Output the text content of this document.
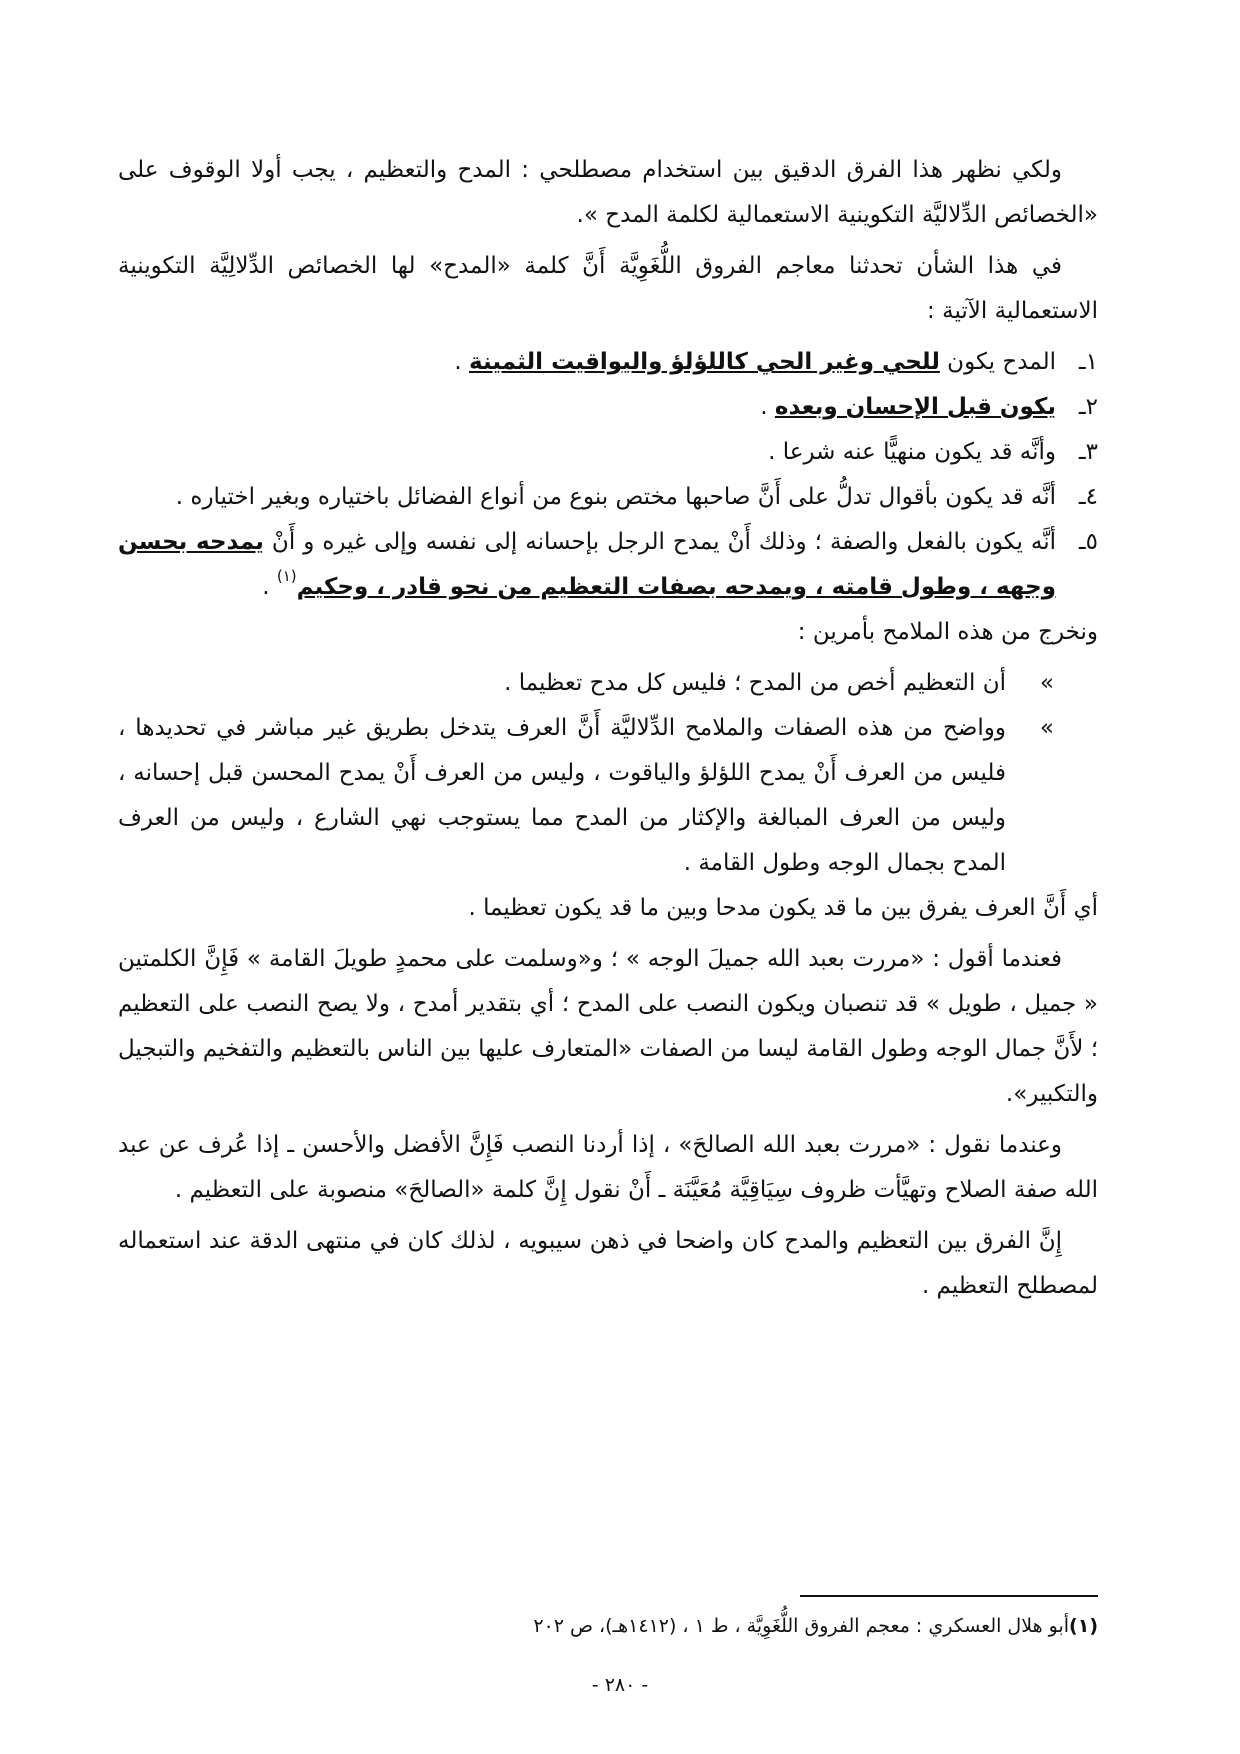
ولكي نظهر هذا الفرق الدقيق بين استخدام مصطلحي : المدح والتعظيم ، يجب أولا الوقوف على «الخصائص الدِّلاليَّة التكوينية الاستعمالية لكلمة المدح ».

في هذا الشأن تحدثنا معاجم الفروق اللُّغَوِيَّة أَنَّ كلمة «المدح» لها الخصائص الدِّلالِيَّة التكوينية الاستعمالية الآتية :

١ـ
المدح يكون للحي وغير الحي كاللؤلؤ واليواقيت الثمينة .
٢ـ
يكون قبل الإحسان وبعده .
٣ـ
وأنَّه قد يكون منهيًّا عنه شرعا .
٤ـ
أنَّه قد يكون بأقوال تدلُّ على أَنَّ صاحبها مختص بنوع من أنواع الفضائل باختياره وبغير اختياره .
٥ـ
أنَّه يكون بالفعل والصفة ؛ وذلك أَنْ يمدح الرجل بإحسانه إلى نفسه وإلى غيره و أَنْ يمدحه بحسن وجهه ، وطول قامته ، ويمدحه بصفات التعظيم من نحو قادر ، وحكيم$^{(١)}$ .

ونخرج من هذه الملامح بأمرين :

»
أن التعظيم أخص من المدح ؛ فليس كل مدح تعظيما .
»
وواضح من هذه الصفات والملامح الدِّلاليَّة أَنَّ العرف يتدخل بطريق غير مباشر في تحديدها ، فليس من العرف أَنْ يمدح اللؤلؤ والياقوت ، وليس من العرف أَنْ يمدح المحسن قبل إحسانه ، وليس من العرف المبالغة والإكثار من المدح مما يستوجب نهي الشارع ، وليس من العرف المدح بجمال الوجه وطول القامة .

أي أَنَّ العرف يفرق بين ما قد يكون مدحا وبين ما قد يكون تعظيما .

فعندما أقول : «مررت بعبد الله جميلَ الوجه » ؛ و«وسلمت على محمدٍ طويلَ القامة » فَإِنَّ الكلمتين « جميل ، طويل » قد تنصبان ويكون النصب على المدح ؛ أي بتقدير أمدح ، ولا يصح النصب على التعظيم ؛ لأَنَّ جمال الوجه وطول القامة ليسا من الصفات «المتعارف عليها بين الناس بالتعظيم والتفخيم والتبجيل والتكبير».

وعندما نقول : «مررت بعبد الله الصالحَ» ، إذا أردنا النصب فَإِنَّ الأفضل والأحسن ـ إذا عُرف عن عبد الله صفة الصلاح وتهيَّأت ظروف سِيَاقِيَّة مُعَيَّنَة ـ أَنْ نقول إِنَّ كلمة «الصالحَ» منصوبة على التعظيم .

إِنَّ الفرق بين التعظيم والمدح كان واضحا في ذهن سيبويه ، لذلك كان في منتهى الدقة عند استعماله لمصطلح التعظيم .

(١)أبو هلال العسكري : معجم الفروق اللُّغَوِيَّة ، ط ١ ، (١٤١٢هـ)، ص ٢٠٢
- ٢٨٠ -
